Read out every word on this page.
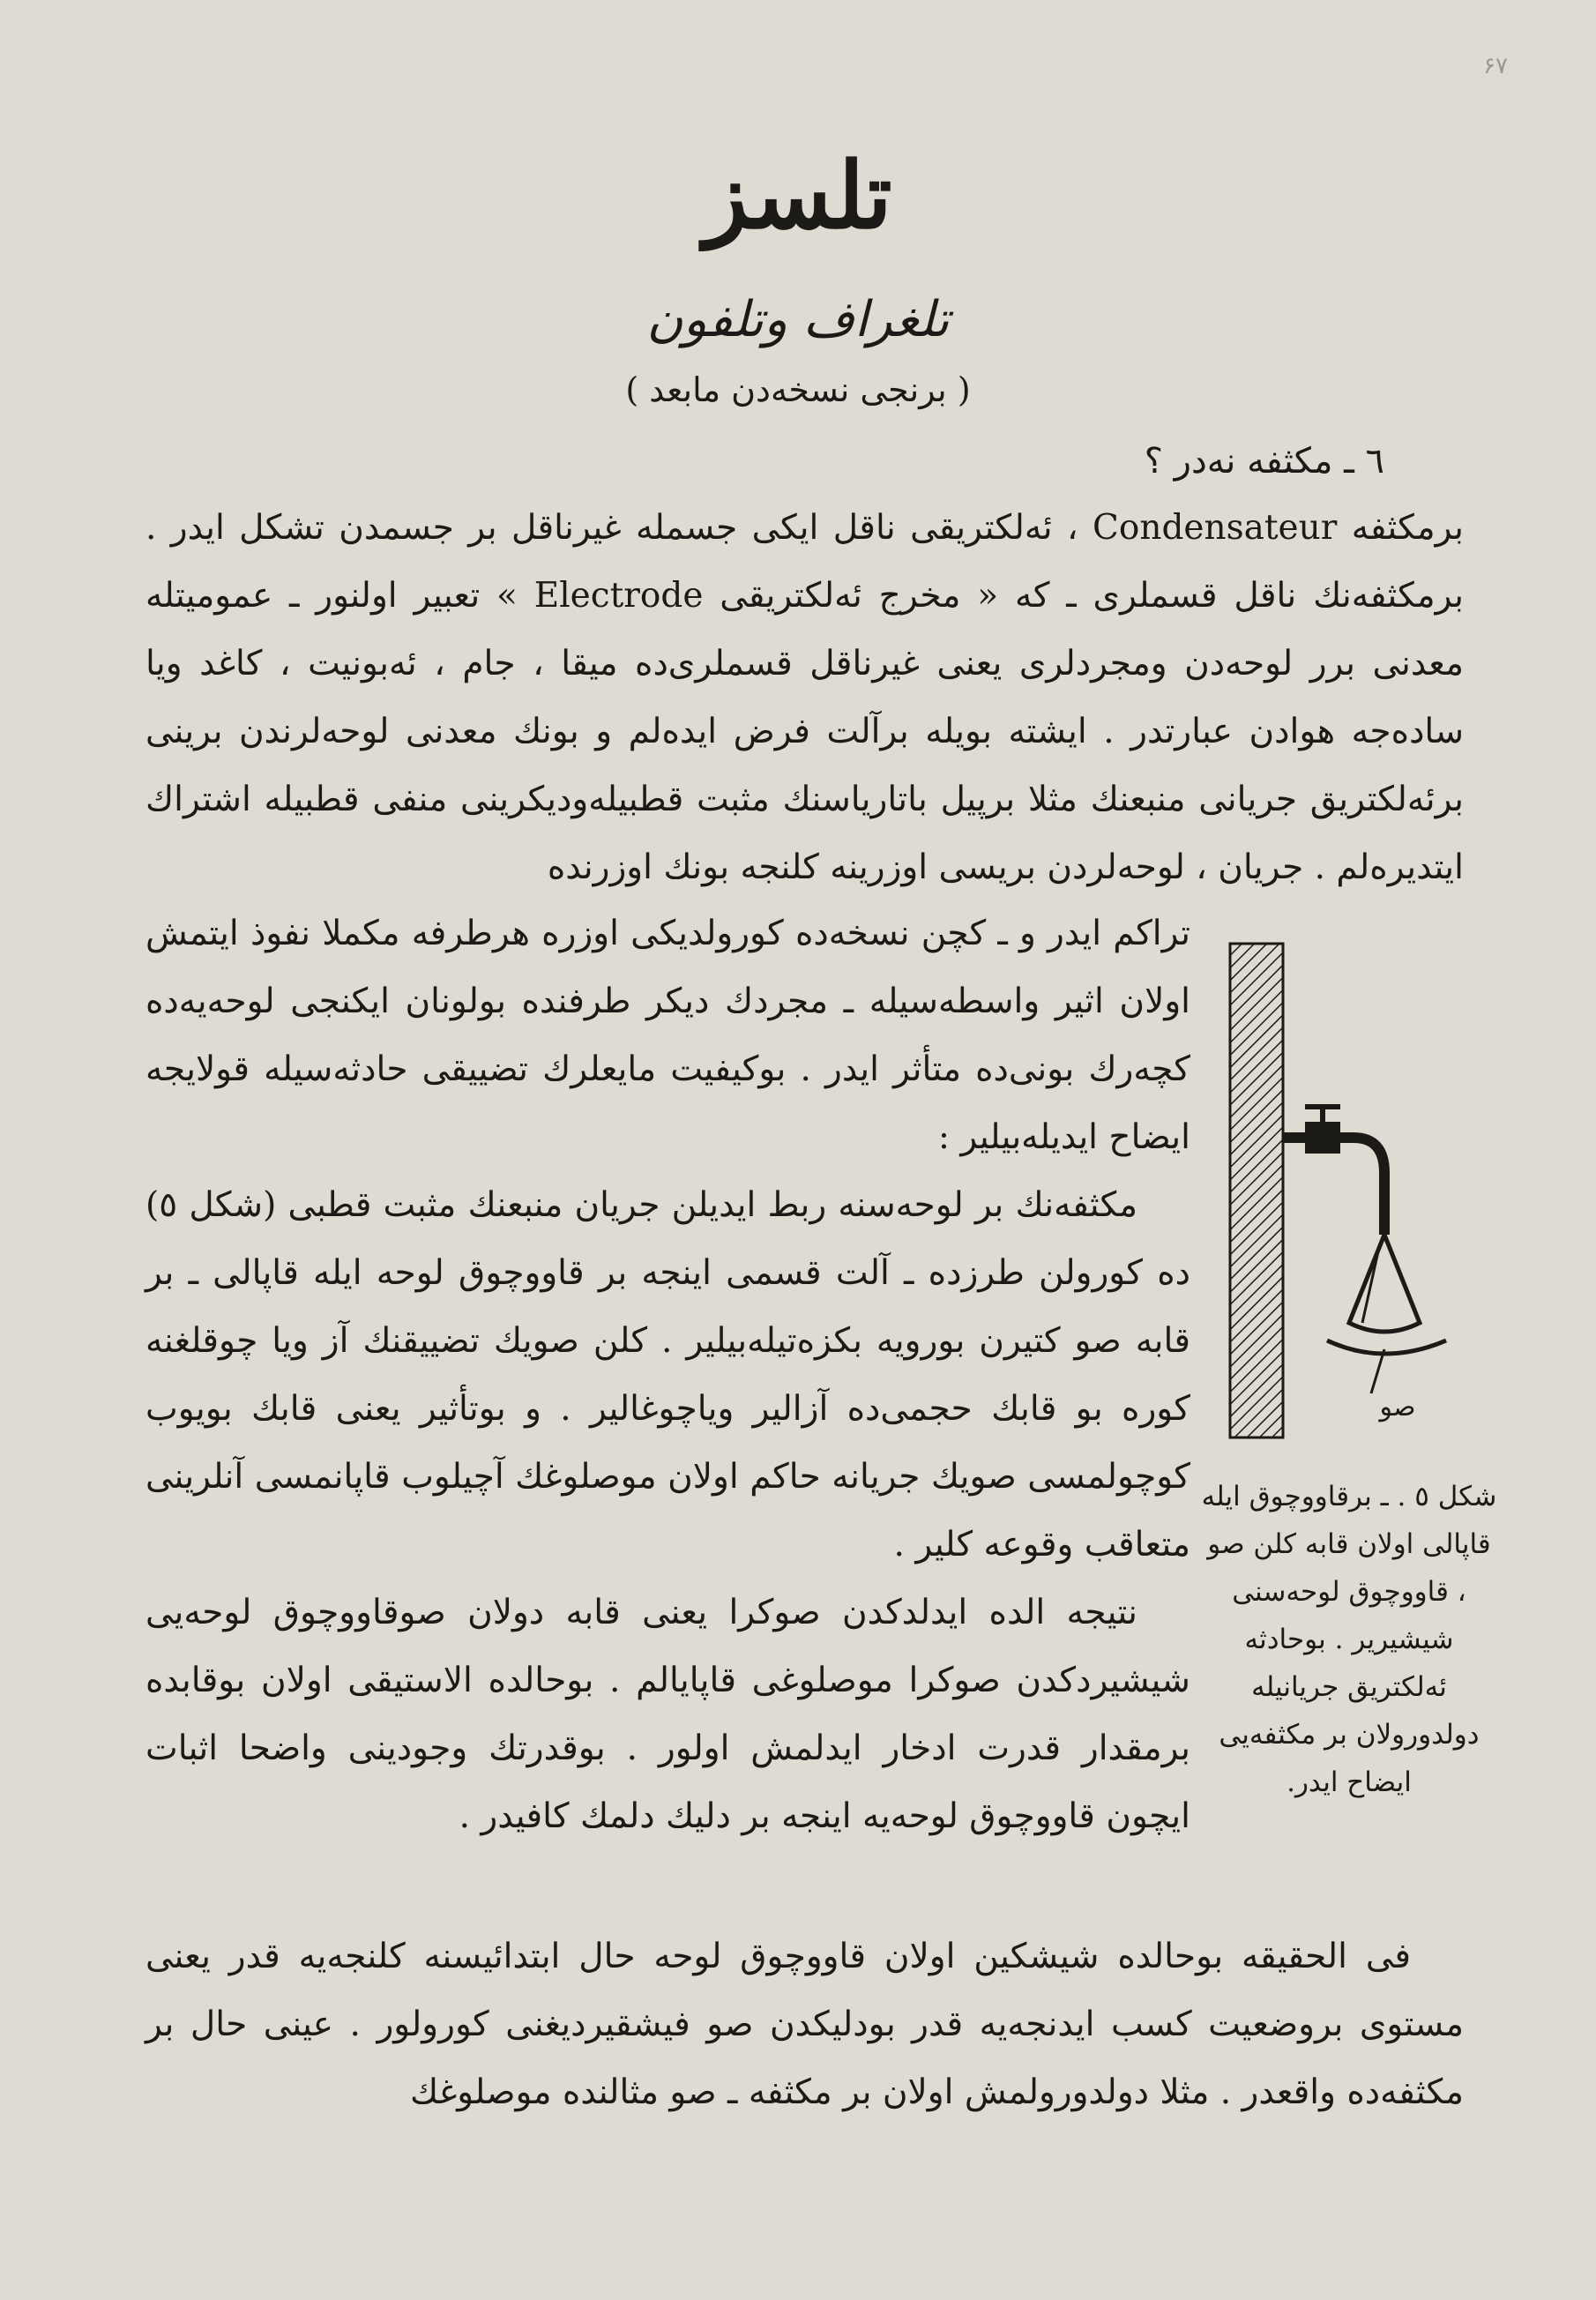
۶۷
تلسز
تلغراف وتلفون
( برنجی نسخه‌دن مابعد )
٦ ـ مکثفه نه‌در ؟

برمکثفه Condensateur ، ئه‌لکتریقی ناقل ایکی جسمله غیرناقل بر جسمدن تشکل ایدر . برمکثفه‌نك ناقل قسملری ـ که « مخرج ئه‌لکتریقی Electrode » تعبیر اولنور ـ عمومیتله معدنی برر لوحه‌دن ومجردلری یعنی غیرناقل قسملری‌ده میقا ، جام ، ئه‌بونیت ، کاغد ویا ساده‌جه هوادن عبارتدر . ایشته بویله برآلت فرض ایده‌لم و بونك معدنی لوحه‌لرندن برینی برئه‌لکتریق جریانی منبعنك مثلا برپیل باتاریاسنك مثبت قطبیله‌ودیکرینی منفی قطبیله اشتراك ایتدیره‌لم . جریان ، لوحه‌لردن بریسی اوزرینه کلنجه بونك اوزرنده

تراکم ایدر و ـ کچن نسخه‌ده کورولدیکی اوزره هرطرفه مکملا نفوذ ایتمش اولان اثیر واسطه‌سیله ـ مجردك دیکر طرفنده بولونان ایکنجی لوحه‌یه‌ده کچه‌رك بونی‌ده متأثر ایدر . بوکیفیت مایعلرك تضییقی حادثه‌سیله قولایجه ایضاح ایدیله‌بیلیر :

مکثفه‌نك بر لوحه‌سنه ربط ایدیلن جریان منبعنك مثبت قطبی (شکل ٥) ده کورولن طرزده ـ آلت قسمی اینجه بر قاووچوق لوحه ایله قاپالی ـ بر قابه صو کتیرن بورویه بکزه‌تیله‌بیلیر . کلن صویك تضییقنك آز ویا چوقلغنه کوره بو قابك حجمی‌ده آزالیر ویاچوغالیر . و بوتأثیر یعنی قابك بویوب کوچولمسی صویك جریانه حاکم اولان موصلوغك آچیلوب قاپانمسی آنلرینی متعاقب وقوعه کلیر .

نتیجه الده ایدلدکدن صوکرا یعنی قابه دولان صوقاووچوق لوحه‌یی شیشیردکدن صوکرا موصلوغی قاپایالم . بوحالده الاستیقی اولان بوقابده برمقدار قدرت ادخار ایدلمش اولور . بوقدرتك وجودینی واضحا اثبات ایچون قاووچوق لوحه‌یه اینجه بر دلیك دلمك کافیدر .

صو
شکل ٥ . ـ برقاووچوق ایله قاپالی اولان قابه کلن صو ، قاووچوق لوحه‌سنی شیشیریر . بوحادثه ئه‌لکتریق جریانیله دولدورولان بر مکثفه‌یی ایضاح ایدر.

فی الحقیقه بوحالده شیشکین اولان قاووچوق لوحه حال ابتدائیسنه کلنجه‌یه قدر یعنی مستوی بروضعیت کسب ایدنجه‌یه قدر بودلیکدن صو فیشقیردیغنی کورولور . عینی حال بر مکثفه‌ده واقعدر . مثلا دولدورولمش اولان بر مکثفه ـ صو مثالنده موصلوغك
